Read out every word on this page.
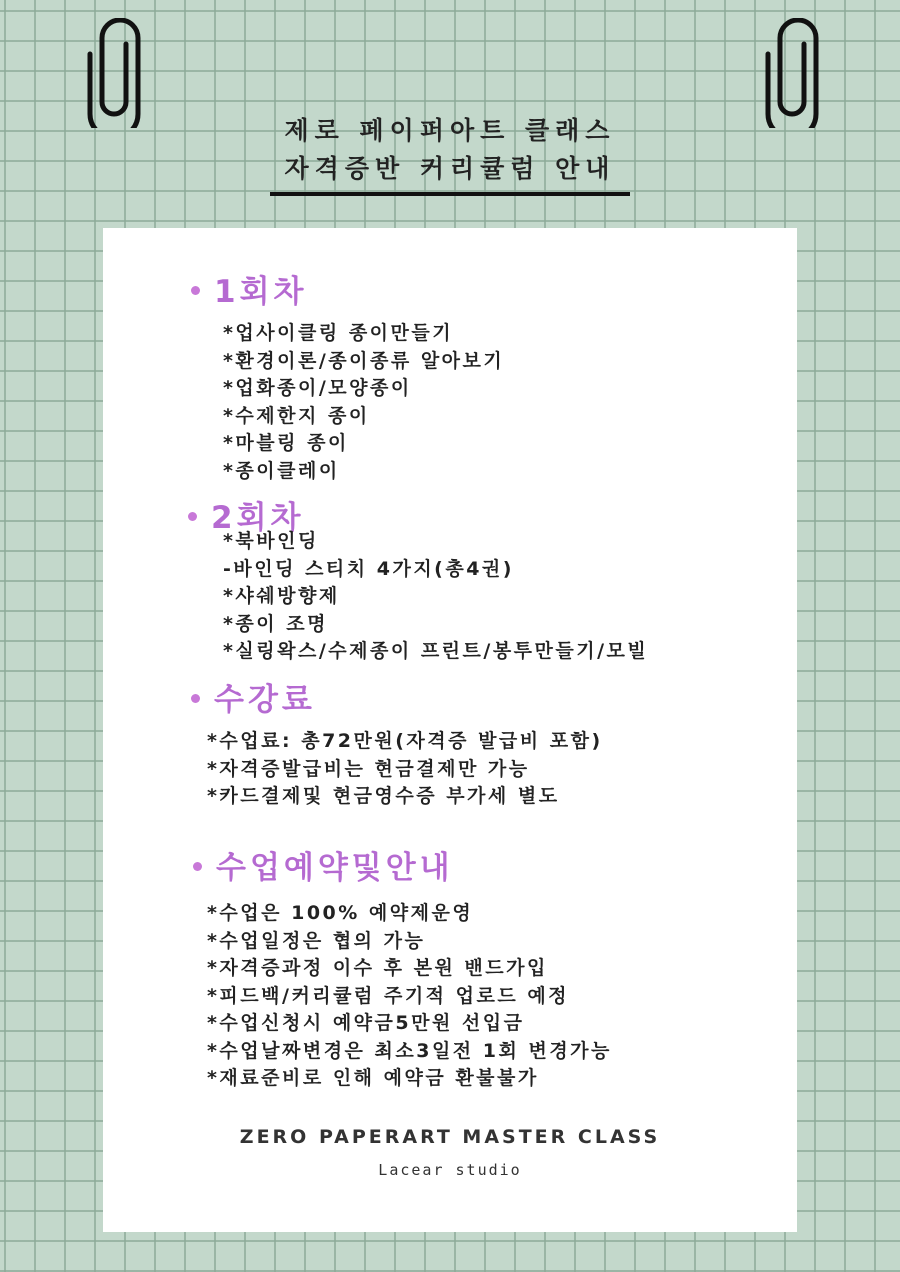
제로 페이퍼아트 클래스
자격증반 커리큘럼 안내
1회차
*업사이클링 종이만들기
*환경이론/종이종류 알아보기
*업화종이/모양종이
*수제한지 종이
*마블링 종이
*종이클레이
2회차
*북바인딩
-바인딩 스티치 4가지(총4권)
*샤쉐방향제
*종이 조명
*실링왁스/수제종이 프린트/봉투만들기/모빌
수강료
*수업료: 총72만원(자격증 발급비 포함)
*자격증발급비는 현금결제만 가능
*카드결제및 현금영수증 부가세 별도
수업예약및안내
*수업은 100% 예약제운영
*수업일정은 협의 가능
*자격증과정 이수 후 본원 밴드가입
*피드백/커리큘럼 주기적 업로드 예정
*수업신청시 예약금5만원 선입금
*수업날짜변경은 최소3일전 1회 변경가능
*재료준비로 인해 예약금 환불불가
ZERO PAPERART MASTER CLASS
Lacear studio
